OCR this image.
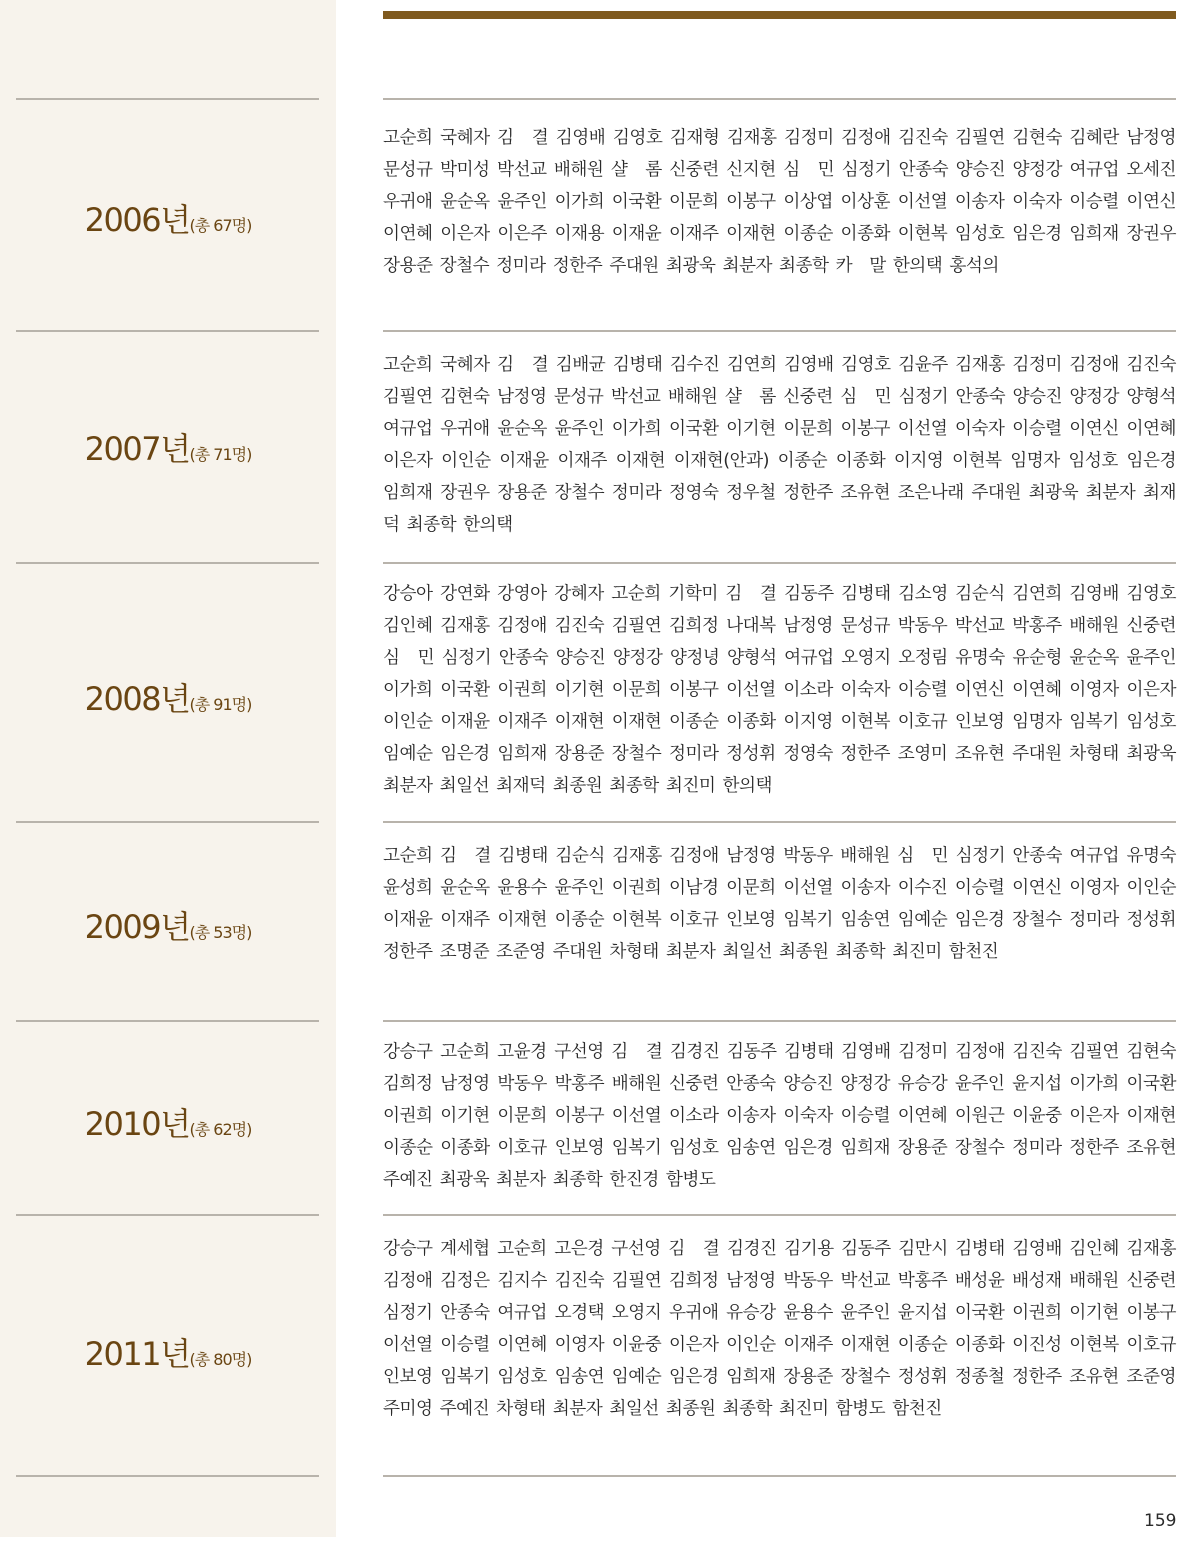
2006년(총 67명)
고순희 국혜자 김　결 김영배 김영호 김재형 김재홍 김정미 김정애 김진숙 김필연 김현숙 김혜란 남정영 문성규 박미성 박선교 배해원 샬　롬 신중련 신지현 심　민 심정기 안종숙 양승진 양정강 여규업 오세진 우귀애 윤순옥 윤주인 이가희 이국환 이문희 이봉구 이상엽 이상훈 이선열 이송자 이숙자 이승렬 이연신 이연혜 이은자 이은주 이재용 이재윤 이재주 이재현 이종순 이종화 이현복 임성호 임은경 임희재 장권우 장용준 장철수 정미라 정한주 주대원 최광욱 최분자 최종학 카　말 한의택 홍석의
2007년(총 71명)
고순희 국혜자 김　결 김배균 김병태 김수진 김연희 김영배 김영호 김윤주 김재홍 김정미 김정애 김진숙 김필연 김현숙 남정영 문성규 박선교 배해원 샬　롬 신중련 심　민 심정기 안종숙 양승진 양정강 양형석 여규업 우귀애 윤순옥 윤주인 이가희 이국환 이기현 이문희 이봉구 이선열 이숙자 이승렬 이연신 이연혜 이은자 이인순 이재윤 이재주 이재현 이재현(안과) 이종순 이종화 이지영 이현복 임명자 임성호 임은경 임희재 장권우 장용준 장철수 정미라 정영숙 정우철 정한주 조유현 조은나래 주대원 최광욱 최분자 최재덕 최종학 한의택
2008년(총 91명)
강승아 강연화 강영아 강혜자 고순희 기학미 김　결 김동주 김병태 김소영 김순식 김연희 김영배 김영호 김인혜 김재홍 김정애 김진숙 김필연 김희정 나대복 남정영 문성규 박동우 박선교 박홍주 배해원 신중련 심　민 심정기 안종숙 양승진 양정강 양정녕 양형석 여규업 오영지 오정림 유명숙 유순형 윤순옥 윤주인 이가희 이국환 이권희 이기현 이문희 이봉구 이선열 이소라 이숙자 이승렬 이연신 이연혜 이영자 이은자 이인순 이재윤 이재주 이재현 이재현 이종순 이종화 이지영 이현복 이호규 인보영 임명자 임복기 임성호 임예순 임은경 임희재 장용준 장철수 정미라 정성휘 정영숙 정한주 조영미 조유현 주대원 차형태 최광욱 최분자 최일선 최재덕 최종원 최종학 최진미 한의택
2009년(총 53명)
고순희 김　결 김병태 김순식 김재홍 김정애 남정영 박동우 배해원 심　민 심정기 안종숙 여규업 유명숙 윤성희 윤순옥 윤용수 윤주인 이권희 이남경 이문희 이선열 이송자 이수진 이승렬 이연신 이영자 이인순 이재윤 이재주 이재현 이종순 이현복 이호규 인보영 임복기 임송연 임예순 임은경 장철수 정미라 정성휘 정한주 조명준 조준영 주대원 차형태 최분자 최일선 최종원 최종학 최진미 함천진
2010년(총 62명)
강승구 고순희 고윤경 구선영 김　결 김경진 김동주 김병태 김영배 김정미 김정애 김진숙 김필연 김현숙 김희정 남정영 박동우 박홍주 배해원 신중련 안종숙 양승진 양정강 유승강 윤주인 윤지섭 이가희 이국환 이권희 이기현 이문희 이봉구 이선열 이소라 이송자 이숙자 이승렬 이연혜 이원근 이윤중 이은자 이재현 이종순 이종화 이호규 인보영 임복기 임성호 임송연 임은경 임희재 장용준 장철수 정미라 정한주 조유현 주예진 최광욱 최분자 최종학 한진경 함병도
2011년(총 80명)
강승구 계세협 고순희 고은경 구선영 김　결 김경진 김기용 김동주 김만시 김병태 김영배 김인혜 김재홍 김정애 김정은 김지수 김진숙 김필연 김희정 남정영 박동우 박선교 박홍주 배성윤 배성재 배해원 신중련 심정기 안종숙 여규업 오경택 오영지 우귀애 유승강 윤용수 윤주인 윤지섭 이국환 이권희 이기현 이봉구 이선열 이승렬 이연혜 이영자 이윤중 이은자 이인순 이재주 이재현 이종순 이종화 이진성 이현복 이호규 인보영 임복기 임성호 임송연 임예순 임은경 임희재 장용준 장철수 정성휘 정종철 정한주 조유현 조준영 주미영 주예진 차형태 최분자 최일선 최종원 최종학 최진미 함병도 함천진
159
